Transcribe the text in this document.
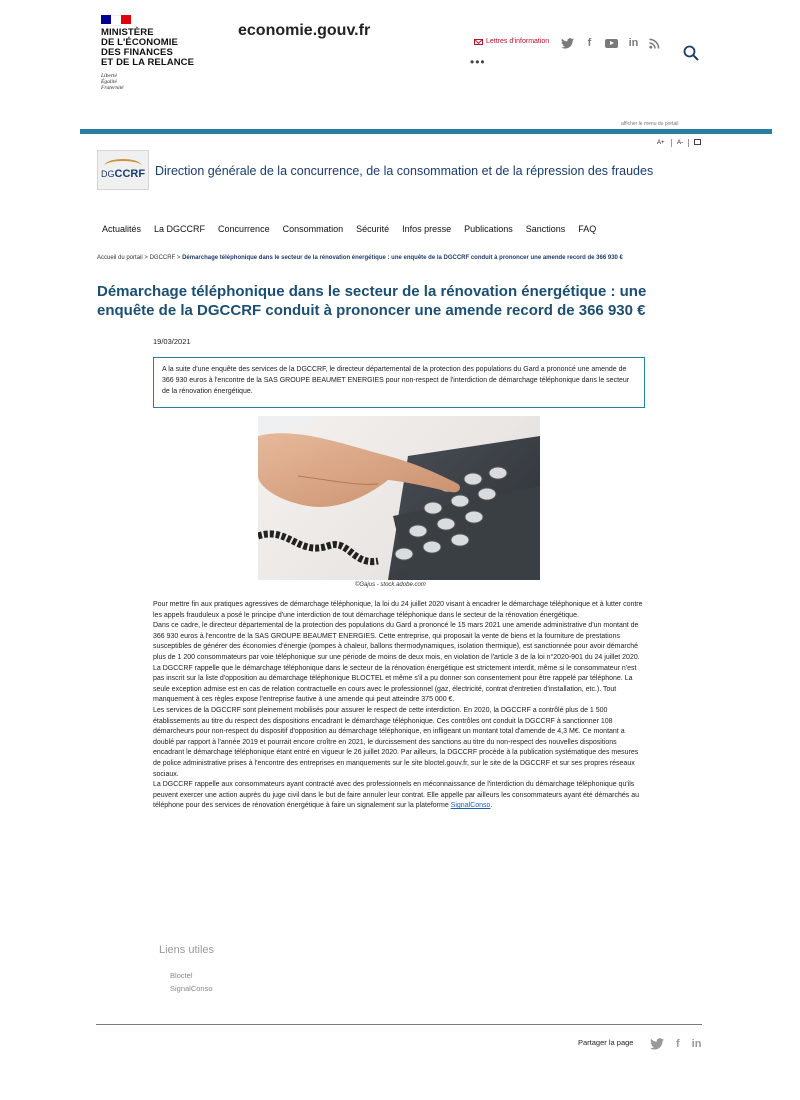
MINISTÈRE
DE L'ÉCONOMIE
DES FINANCES
ET DE LA RELANCE
Liberté
Égalité
Fraternité
economie.gouv.fr
Lettres d'information	f	in
•••
afficher le menu du portail
A+ A-
DGCCRF Direction générale de la concurrence, de la consommation et de la répression des fraudes
Actualités La DGCCRF Concurrence Consommation Sécurité Infos presse Publications Sanctions FAQ
Accueil du portail > DGCCRF > Démarchage téléphonique dans le secteur de la rénovation énergétique : une enquête de la DGCCRF conduit à prononcer une amende record de 366 930 €
Démarchage téléphonique dans le secteur de la rénovation énergétique : une enquête de la DGCCRF conduit à prononcer une amende record de 366 930 €
19/03/2021
A la suite d'une enquête des services de la DGCCRF, le directeur départemental de la protection des populations du Gard a prononcé une amende de 366 930 euros à l'encontre de la SAS GROUPE BEAUMET ENERGIES pour non-respect de l'interdiction de démarchage téléphonique dans le secteur de la rénovation énergétique.
©Gajus - stock.adobe.com

Pour mettre fin aux pratiques agressives de démarchage téléphonique, la loi du 24 juillet 2020 visant à encadrer le démarchage téléphonique et à lutter contre les appels frauduleux a posé le principe d'une interdiction de tout démarchage téléphonique dans le secteur de la rénovation énergétique.

Dans ce cadre, le directeur départemental de la protection des populations du Gard a prononcé le 15 mars 2021 une amende administrative d'un montant de 366 930 euros à l'encontre de la SAS GROUPE BEAUMET ENERGIES. Cette entreprise, qui proposait la vente de biens et la fourniture de prestations susceptibles de générer des économies d'énergie (pompes à chaleur, ballons thermodynamiques, isolation thermique), est sanctionnée pour avoir démarché plus de 1 200 consommateurs par voie téléphonique sur une période de moins de deux mois, en violation de l'article 3 de la loi n°2020-901 du 24 juillet 2020.

La DGCCRF rappelle que le démarchage téléphonique dans le secteur de la rénovation énergétique est strictement interdit, même si le consommateur n'est pas inscrit sur la liste d'opposition au démarchage téléphonique BLOCTEL et même s'il a pu donner son consentement pour être rappelé par téléphone. La seule exception admise est en cas de relation contractuelle en cours avec le professionnel (gaz, électricité, contrat d'entretien d'installation, etc.). Tout manquement à ces règles expose l'entreprise fautive à une amende qui peut atteindre 375 000 €.

Les services de la DGCCRF sont pleinement mobilisés pour assurer le respect de cette interdiction. En 2020, la DGCCRF a contrôlé plus de 1 500 établissements au titre du respect des dispositions encadrant le démarchage téléphonique. Ces contrôles ont conduit la DGCCRF à sanctionner 108 démarcheurs pour non-respect du dispositif d'opposition au démarchage téléphonique, en infligeant un montant total d'amende de 4,3 M€. Ce montant a doublé par rapport à l'année 2019 et pourrait encore croître en 2021, le durcissement des sanctions au titre du non-respect des nouvelles dispositions encadrant le démarchage téléphonique étant entré en vigueur le 26 juillet 2020. Par ailleurs, la DGCCRF procède à la publication systématique des mesures de police administrative prises à l'encontre des entreprises en manquements sur le site bloctel.gouv.fr, sur le site de la DGCCRF et sur ses propres réseaux sociaux.

La DGCCRF rappelle aux consommateurs ayant contracté avec des professionnels en méconnaissance de l'interdiction du démarchage téléphonique qu'ils peuvent exercer une action auprès du juge civil dans le but de faire annuler leur contrat. Elle appelle par ailleurs les consommateurs ayant été démarchés au téléphone pour des services de rénovation énergétique à faire un signalement sur la plateforme SignalConso.

Liens utiles
Bloctel
SignalConso
Partager la page	f in
